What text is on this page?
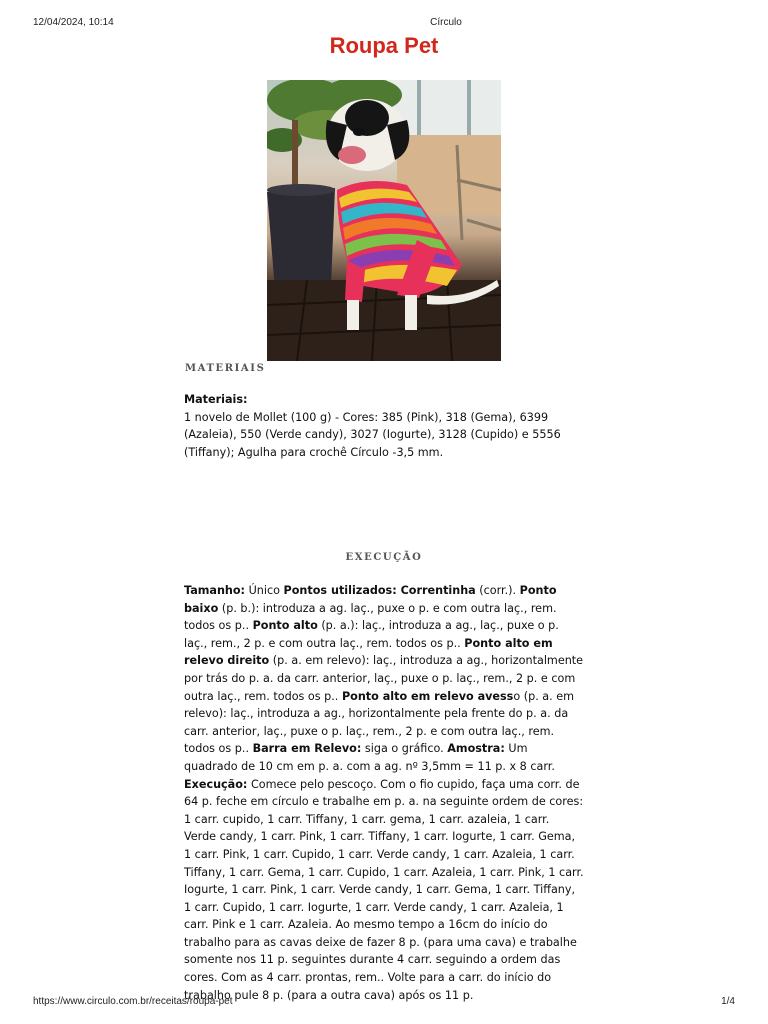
12/04/2024, 10:14	Círculo
Roupa Pet
MATERIAIS
Materiais:
1 novelo de Mollet (100 g) - Cores: 385 (Pink), 318 (Gema), 6399 (Azaleia), 550 (Verde candy), 3027 (Iogurte), 3128 (Cupido) e 5556 (Tiffany); Agulha para crochê Círculo -3,5 mm.
EXECUÇÃO
Tamanho: Único Pontos utilizados: Correntinha (corr.). Ponto baixo (p. b.): introduza a ag. laç., puxe o p. e com outra laç., rem. todos os p.. Ponto alto (p. a.): laç., introduza a ag., laç., puxe o p. laç., rem., 2 p. e com outra laç., rem. todos os p.. Ponto alto em relevo direito (p. a. em relevo): laç., introduza a ag., horizontalmente por trás do p. a. da carr. anterior, laç., puxe o p. laç., rem., 2 p. e com outra laç., rem. todos os p.. Ponto alto em relevo avesso (p. a. em relevo): laç., introduza a ag., horizontalmente pela frente do p. a. da carr. anterior, laç., puxe o p. laç., rem., 2 p. e com outra laç., rem. todos os p.. Barra em Relevo: siga o gráfico. Amostra: Um quadrado de 10 cm em p. a. com a ag. nº 3,5mm = 11 p. x 8 carr. Execução: Comece pelo pescoço. Com o fio cupido, faça uma corr. de 64 p. feche em círculo e trabalhe em p. a. na seguinte ordem de cores: 1 carr. cupido, 1 carr. Tiffany, 1 carr. gema, 1 carr. azaleia, 1 carr. Verde candy, 1 carr. Pink, 1 carr. Tiffany, 1 carr. Iogurte, 1 carr. Gema, 1 carr. Pink, 1 carr. Cupido, 1 carr. Verde candy, 1 carr. Azaleia, 1 carr. Tiffany, 1 carr. Gema, 1 carr. Cupido, 1 carr. Azaleia, 1 carr. Pink, 1 carr. Iogurte, 1 carr. Pink, 1 carr. Verde candy, 1 carr. Gema, 1 carr. Tiffany, 1 carr. Cupido, 1 carr. Iogurte, 1 carr. Verde candy, 1 carr. Azaleia, 1 carr. Pink e 1 carr. Azaleia. Ao mesmo tempo a 16cm do início do trabalho para as cavas deixe de fazer 8 p. (para uma cava) e trabalhe somente nos 11 p. seguintes durante 4 carr. seguindo a ordem das cores. Com as 4 carr. prontas, rem.. Volte para a carr. do início do trabalho pule 8 p. (para a outra cava) após os 11 p.
https://www.circulo.com.br/receitas/roupa-pet	1/4
